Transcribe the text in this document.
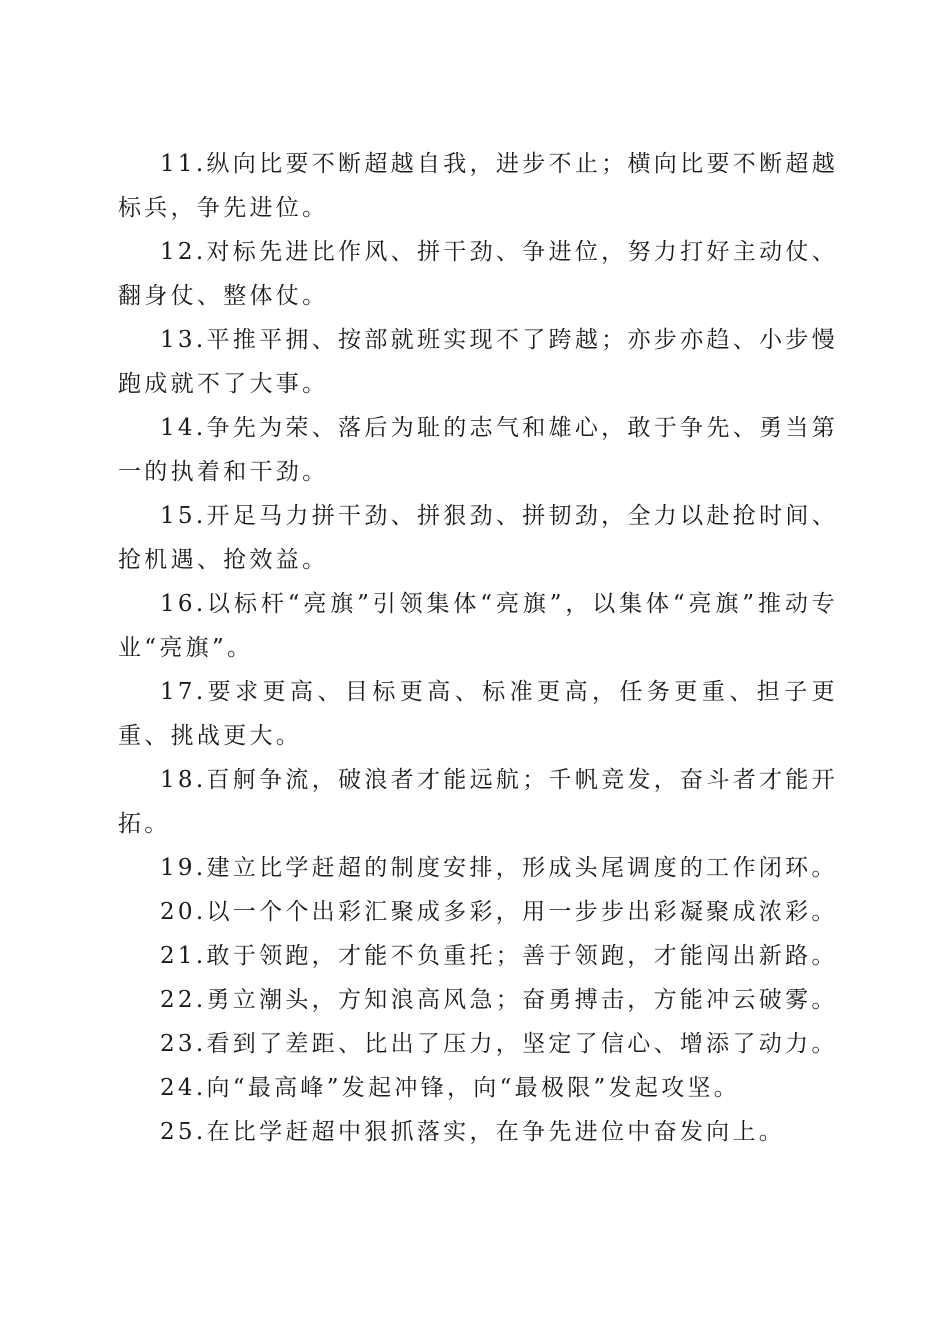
11.纵向比要不断超越自我，进步不止；横向比要不断超越标兵，争先进位。

12.对标先进比作风、拼干劲、争进位，努力打好主动仗、翻身仗、整体仗。

13.平推平拥、按部就班实现不了跨越；亦步亦趋、小步慢跑成就不了大事。

14.争先为荣、落后为耻的志气和雄心，敢于争先、勇当第一的执着和干劲。

15.开足马力拼干劲、拼狠劲、拼韧劲，全力以赴抢时间、抢机遇、抢效益。

16.以标杆“亮旗”引领集体“亮旗”，以集体“亮旗”推动专业“亮旗”。

17.要求更高、目标更高、标准更高，任务更重、担子更重、挑战更大。

18.百舸争流，破浪者才能远航；千帆竞发，奋斗者才能开拓。

19.建立比学赶超的制度安排，形成头尾调度的工作闭环。

20.以一个个出彩汇聚成多彩，用一步步出彩凝聚成浓彩。

21.敢于领跑，才能不负重托；善于领跑，才能闯出新路。

22.勇立潮头，方知浪高风急；奋勇搏击，方能冲云破雾。

23.看到了差距、比出了压力，坚定了信心、增添了动力。

24.向“最高峰”发起冲锋，向“最极限”发起攻坚。

25.在比学赶超中狠抓落实，在争先进位中奋发向上。
